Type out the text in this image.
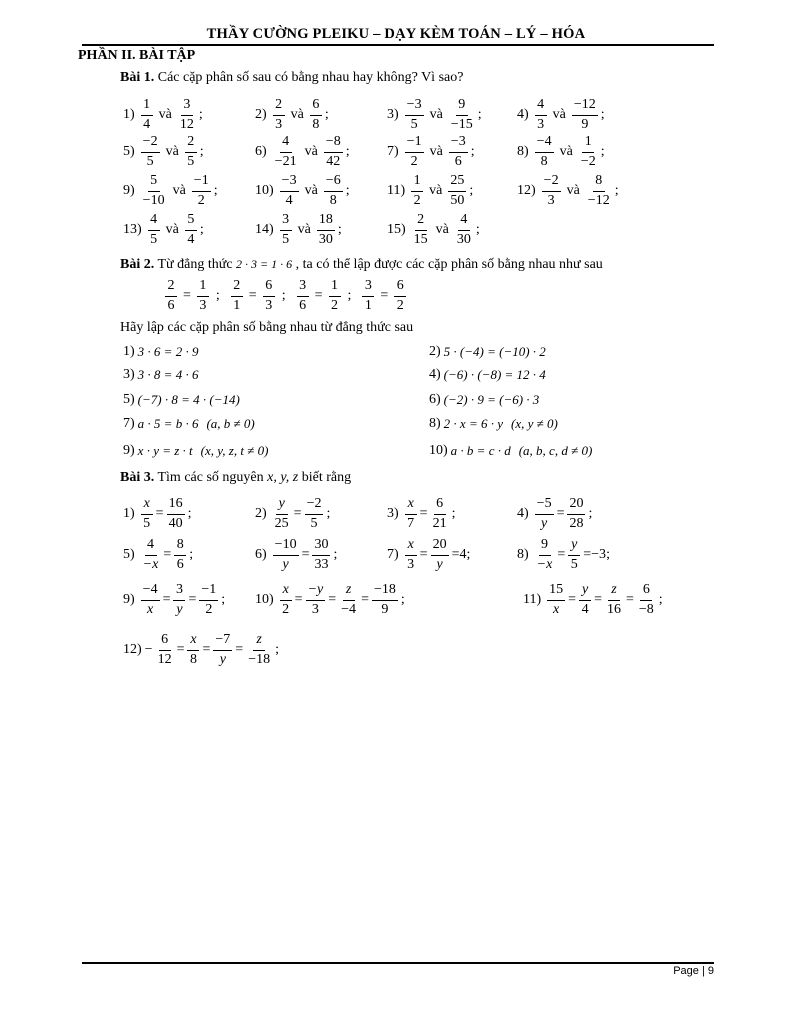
THẦY CƯỜNG PLEIKU – DẠY KÈM TOÁN – LÝ – HÓA
PHẦN II. BÀI TẬP
Bài 1. Các cặp phân số sau có bằng nhau hay không? Vì sao?
$1) \frac{1}{4}$ và $\frac{3}{12}$ ;	$2) \frac{2}{3}$ và $\frac{6}{8}$ ;	$3) \frac{-3}{5}$ và $\frac{9}{-15}$ ;	$4) \frac{4}{3}$ và $\frac{-12}{9}$ ;
$5) \frac{-2}{5}$ và $\frac{2}{5}$ ;	$6) \frac{4}{-21}$ và $\frac{-8}{42}$ ;	$7) \frac{-1}{2}$ và $\frac{-3}{6}$ ;	$8) \frac{-4}{8}$ và $\frac{1}{-2}$ ;
$9) \frac{5}{-10}$ và $\frac{-1}{2}$ ;	$10) \frac{-3}{4}$ và $\frac{-6}{8}$ ;	$11) \frac{1}{2}$ và $\frac{25}{50}$ ;	$12) \frac{-2}{3}$ và $\frac{8}{-12}$ ;
$13) \frac{4}{5}$ và $\frac{5}{4}$ ;	$14) \frac{3}{5}$ và $\frac{18}{30}$ ;	$15) \frac{2}{15}$ và $\frac{4}{30}$ ;
Bài 2. Từ đẳng thức 2 · 3 = 1 · 6 , ta có thể lập được các cặp phân số bằng nhau như sau
$\frac{2}{6} = \frac{1}{3}$ ; $\frac{2}{1} = \frac{6}{3}$ ; $\frac{3}{6} = \frac{1}{2}$ ; $\frac{3}{1} = \frac{6}{2}$
Hãy lập các cặp phân số bằng nhau từ đẳng thức sau
1) 3 · 6 = 2 · 9	2) 5 · (−4) = (−10) · 2
3) 3 · 8 = 4 · 6	4) (−6) · (−8) = 12 · 4
5) (−7) · 8 = 4 · (−14)	6) (−2) · 9 = (−6) · 3
7) a · 5 = b · 6 (a, b ≠ 0)	8) 2 · x = 6 · y (x, y ≠ 0)
9) x · y = z · t (x, y, z, t ≠ 0)	10) a · b = c · d (a, b, c, d ≠ 0)
Bài 3. Tìm các số nguyên x, y, z biết rằng
$1) \frac{x}{5} = \frac{16}{40}$ ;	$2) \frac{y}{25} = \frac{-2}{5}$ ;	$3) \frac{x}{7} = \frac{6}{21}$ ;	$4) \frac{-5}{y} = \frac{20}{28}$ ;
$5) \frac{4}{-x} = \frac{8}{6}$ ;	$6) \frac{-10}{y} = \frac{30}{33}$ ;	$7) \frac{x}{3} = \frac{20}{y} = 4$ ;	$8) \frac{9}{-x} = \frac{y}{5} = -3$ ;
$9) \frac{-4}{x} = \frac{3}{y} = \frac{-1}{2}$ ; $10) \frac{x}{2} = \frac{-y}{3} = \frac{z}{-4} = \frac{-18}{9}$ ;	$11) \frac{15}{x} = \frac{y}{4} = \frac{z}{16} = \frac{6}{-8}$ ;
$12) - \frac{6}{12} = \frac{x}{8} = \frac{-7}{y} = \frac{z}{-18}$ ;
Page | 9
